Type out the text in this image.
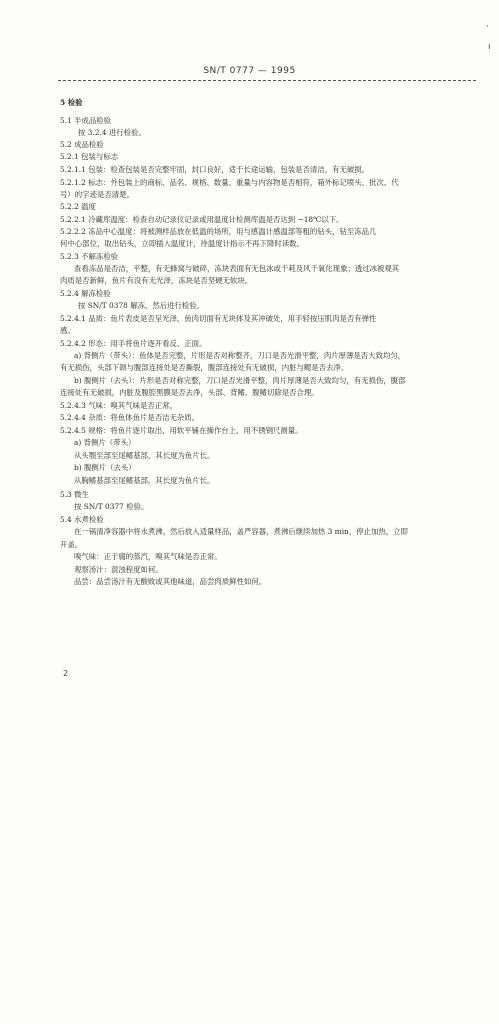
SN/T 0777 — 1995
·
ı
5 检验
5.1 半成品检验
按 3.2.4 进行检验。
5.2 成品检验
5.2.1 包装与标志
5.2.1.1 包装：检查包装是否完整牢固，封口良好，适于长途运输，包装是否清洁，有无破损。
5.2.1.2 标志：外包装上的商标、品名、规格、数量、重量与内容物是否相符，箱外标记喷头、批次、代
号）的字迹是否清楚。
5.2.2 温度
5.2.2.1 冷藏库温度：检查自动记录仪记录或用温度计检测库温是否达到 −18℃以下。
5.2.2.2 冻品中心温度：将被测样品放在低温的场所，用与感温计感温部等粗的钻头，钻至冻品几
何中心部位，取出钻头，立即插入温度计，待温度计指示不再下降时读数。
5.2.3 不解冻检验
查看冻品是否洁，平整，有无蜂窝与破碎，冻块表面有无包冰或干耗及风干氧化现象；透过冰被观其
肉质是否新鲜，鱼片有没有无光泽，冻块是否坚硬无软块。
5.2.4 解冻检验
按 SN/T 0378 解冻，然后进行检验。
5.2.4.1 品质：鱼片表皮是否呈光泽，鱼肉切面有无块体及其冲破处，用手轻按压肌肉是否有弹性
感。
5.2.4.2 形态：用手将鱼片逐开看反、正面。
a) 背侧片（带头）：鱼体是否完整，片形是否对称整齐，刀口是否光滑平整，肉片厚薄是否大致均匀，
有无损伤，头部下颌与腹部连接处是否撕裂，腹部连接处有无破损，内脏与鳃是否去净。
b) 腹侧片（去头）：片形是否对称完整，刀口是否光滑平整，肉片厚薄是否大致均匀，有无损伤，腹部
连接处有无破损，内脏及腹腔黑膜是否去净，头部、背鳍、腹鳍切除是否合理。
5.2.4.3 气味：嗅其气味是否正常。
5.2.4.4 杂质：将鱼体鱼片是否洁无杂质。
5.2.4.5 规格：将鱼片逐片取出，用软平铺在操作台上，用不锈钢尺测量。
a) 背侧片（带头）
从头颚至部至尾鳍基部，其长度为鱼片长。
b) 腹侧片（去头）
从胸鳍基部至尾鳍基部，其长度为鱼片长。
5.3 微生
按 SN/T 0377 检验。
5.4 水煮检验
在一锅清净容器中将水煮沸，然后放入适量样品，盖严容器，煮沸后继续加热 3 min，停止加热，立即
开盖。
嗅气味：正于腐的蒸汽，嗅其气味是否正常。
观察汤汁：混浊程度如何。
品尝：品尝汤汁有无酸败或其他味道，品尝肉质鲜性如何。
2
